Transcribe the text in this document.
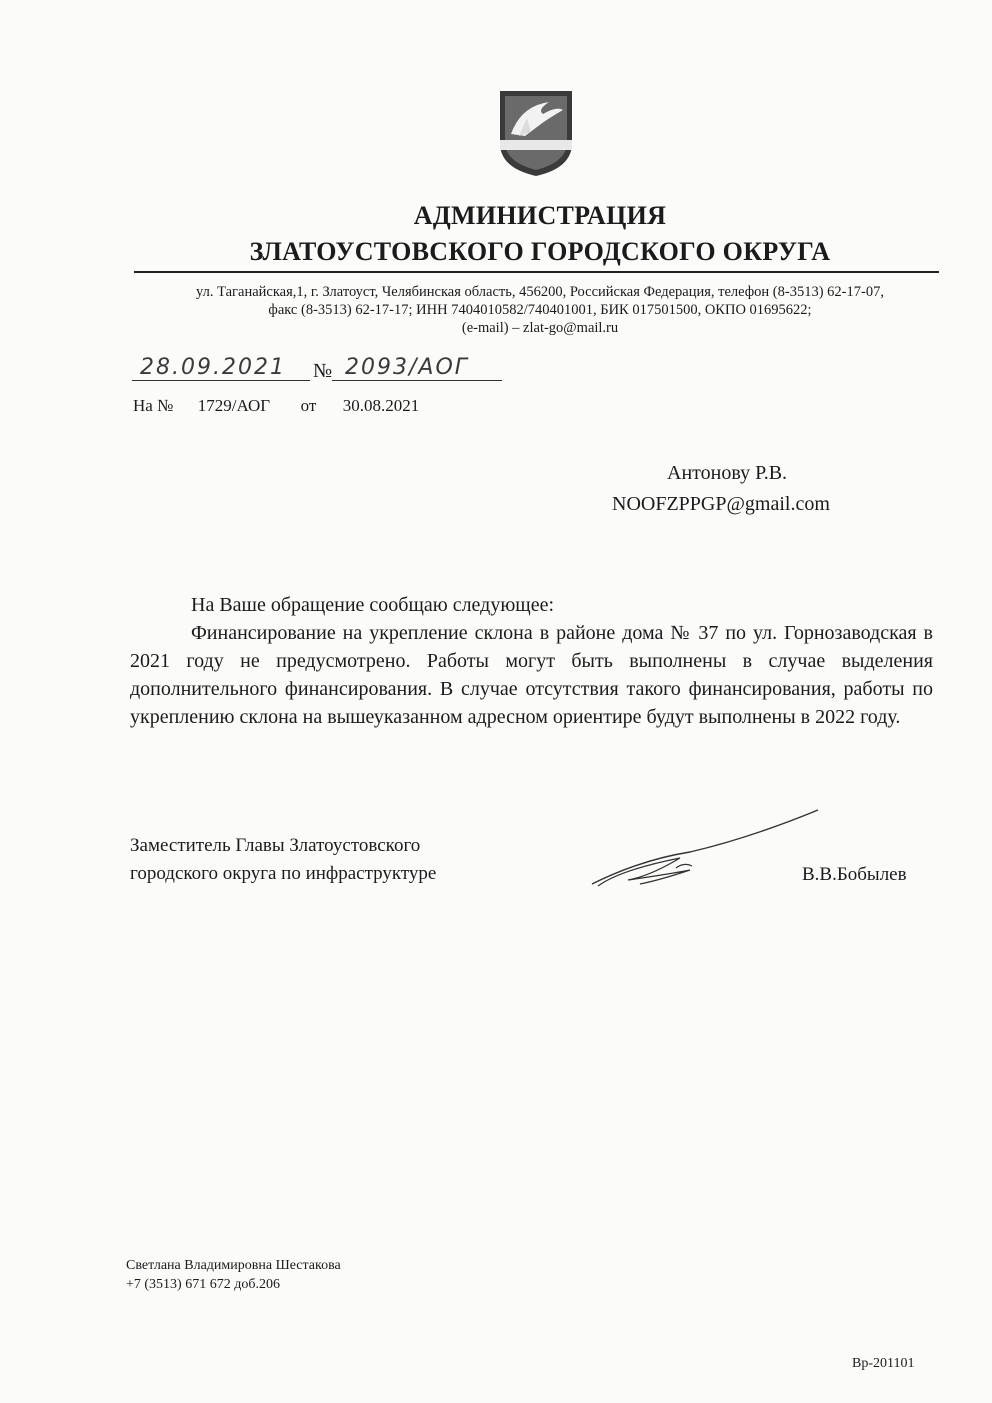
АДМИНИСТРАЦИЯ
ЗЛАТОУСТОВСКОГО ГОРОДСКОГО ОКРУГА
ул. Таганайская,1, г. Златоуст, Челябинская область, 456200, Российская Федерация, телефон (8-3513) 62-17-07,
факс (8-3513) 62-17-17; ИНН 7404010582/740401001, БИК 017501500, ОКПО 01695622;
(e-mail) – zlat-go@mail.ru
28.09.2021 № 2093/АОГ
На № 1729/АОГ от 30.08.2021
Антонову Р.В.
NOOFZPPGP@gmail.com

На Ваше обращение сообщаю следующее:

Финансирование на укрепление склона в районе дома № 37 по ул. Горнозаводская в 2021 году не предусмотрено. Работы могут быть выполнены в случае выделения дополнительного финансирования. В случае отсутствия такого финансирования, работы по укреплению склона на вышеуказанном адресном ориентире будут выполнены в 2022 году.

Заместитель Главы Златоустовского
городского округа по инфраструктуре	В.В.Бобылев
Светлана Владимировна Шестакова
+7 (3513) 671 672 доб.206
Вр-201101
